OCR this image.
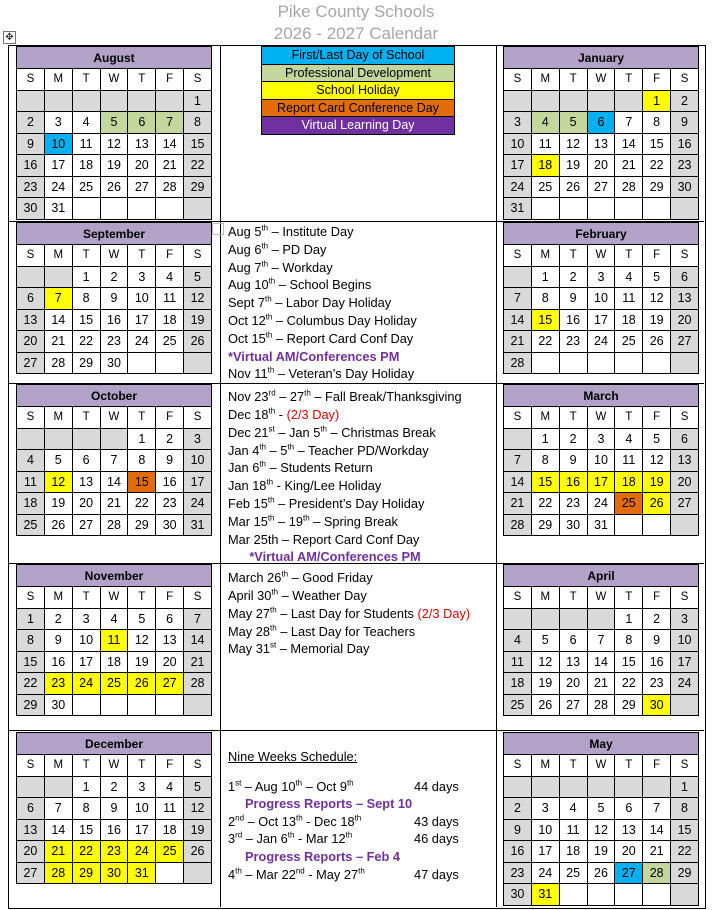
Pike County Schools
2026 - 2027 Calendar
✥
First/Last Day of School
Professional Development
School Holiday
Report Card Conference Day
Virtual Learning Day
August						
S	M	T	W	T	F	S
						1
2	3	4	5	6	7	8
9	10	11	12	13	14	15
16	17	18	19	20	21	22
23	24	25	26	27	28	29
30	31					
September						
S	M	T	W	T	F	S
		1	2	3	4	5
6	7	8	9	10	11	12
13	14	15	16	17	18	19
20	21	22	23	24	25	26
27	28	29	30			
October						
S	M	T	W	T	F	S
				1	2	3
4	5	6	7	8	9	10
11	12	13	14	15	16	17
18	19	20	21	22	23	24
25	26	27	28	29	30	31
November						
S	M	T	W	T	F	S
1	2	3	4	5	6	7
8	9	10	11	12	13	14
15	16	17	18	19	20	21
22	23	24	25	26	27	28
29	30					
December						
S	M	T	W	T	F	S
		1	2	3	4	5
6	7	8	9	10	11	12
13	14	15	16	17	18	19
20	21	22	23	24	25	26
27	28	29	30	31		
January						
S	M	T	W	T	F	S
					1	2
3	4	5	6	7	8	9
10	11	12	13	14	15	16
17	18	19	20	21	22	23
24	25	26	27	28	29	30
31						
February						
S	M	T	W	T	F	S
	1	2	3	4	5	6
7	8	9	10	11	12	13
14	15	16	17	18	19	20
21	22	23	24	25	26	27
28						
March						
S	M	T	W	T	F	S
	1	2	3	4	5	6
7	8	9	10	11	12	13
14	15	16	17	18	19	20
21	22	23	24	25	26	27
28	29	30	31			
April						
S	M	T	W	T	F	S
				1	2	3
4	5	6	7	8	9	10
11	12	13	14	15	16	17
18	19	20	21	22	23	24
25	26	27	28	29	30	
May						
S	M	T	W	T	F	S
						1
2	3	4	5	6	7	8
9	10	11	12	13	14	15
16	17	18	19	20	21	22
23	24	25	26	27	28	29
30	31					
Aug 5th – Institute Day
Aug 6th – PD Day
Aug 7th – Workday
Aug 10th – School Begins
Sept 7th – Labor Day Holiday
Oct 12th – Columbus Day Holiday
Oct 15th – Report Card Conf Day
*Virtual AM/Conferences PM
Nov 11th – Veteran’s Day Holiday
Nov 23rd – 27th – Fall Break/Thanksgiving
Dec 18th - (2/3 Day)
Dec 21st – Jan 5th – Christmas Break
Jan 4th – 5th – Teacher PD/Workday
Jan 6th – Students Return
Jan 18th - King/Lee Holiday
Feb 15th – President’s Day Holiday
Mar 15th – 19th – Spring Break
Mar 25th – Report Card Conf Day
*Virtual AM/Conferences PM
March 26th – Good Friday
April 30th – Weather Day
May 27th – Last Day for Students (2/3 Day)
May 28th – Last Day for Teachers
May 31st – Memorial Day
Nine Weeks Schedule:
1st – Aug 10th – Oct 9th	44 days
Progress Reports – Sept 10
2nd – Oct 13th - Dec 18th	43 days
3rd – Jan 6th - Mar 12th	46 days
Progress Reports – Feb 4
4th – Mar 22nd - May 27th	47 days
